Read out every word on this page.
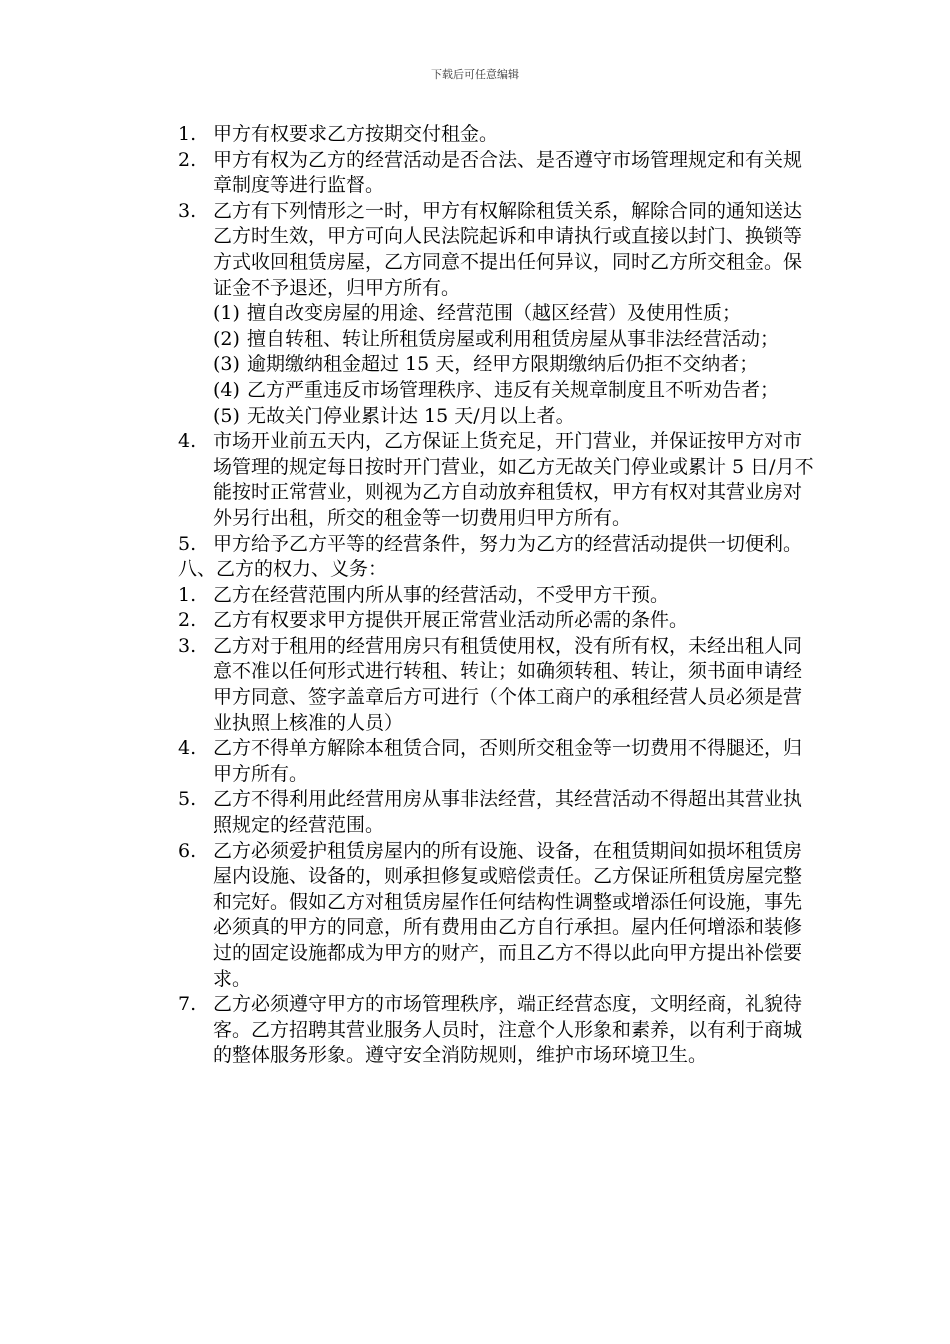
下载后可任意编辑
1. 甲方有权要求乙方按期交付租金。
2. 甲方有权为乙方的经营活动是否合法、是否遵守市场管理规定和有关规章制度等进行监督。
3. 乙方有下列情形之一时，甲方有权解除租赁关系，解除合同的通知送达乙方时生效，甲方可向人民法院起诉和申请执行或直接以封门、换锁等方式收回租赁房屋，乙方同意不提出任何异议，同时乙方所交租金。保证金不予退还，归甲方所有。
(1) 擅自改变房屋的用途、经营范围（越区经营）及使用性质；
(2) 擅自转租、转让所租赁房屋或利用租赁房屋从事非法经营活动；
(3) 逾期缴纳租金超过 15 天，经甲方限期缴纳后仍拒不交纳者；
(4) 乙方严重违反市场管理秩序、违反有关规章制度且不听劝告者；
(5) 无故关门停业累计达 15 天/月以上者。
4. 市场开业前五天内，乙方保证上货充足，开门营业，并保证按甲方对市场管理的规定每日按时开门营业，如乙方无故关门停业或累计 5 日/月不能按时正常营业，则视为乙方自动放弃租赁权，甲方有权对其营业房对外另行出租，所交的租金等一切费用归甲方所有。
5. 甲方给予乙方平等的经营条件，努力为乙方的经营活动提供一切便利。
八、乙方的权力、义务：
1. 乙方在经营范围内所从事的经营活动，不受甲方干预。
2. 乙方有权要求甲方提供开展正常营业活动所必需的条件。
3. 乙方对于租用的经营用房只有租赁使用权，没有所有权，未经出租人同意不准以任何形式进行转租、转让；如确须转租、转让，须书面申请经甲方同意、签字盖章后方可进行（个体工商户的承租经营人员必须是营业执照上核准的人员）
4. 乙方不得单方解除本租赁合同，否则所交租金等一切费用不得腿还，归甲方所有。
5. 乙方不得利用此经营用房从事非法经营，其经营活动不得超出其营业执照规定的经营范围。
6. 乙方必须爱护租赁房屋内的所有设施、设备，在租赁期间如损坏租赁房屋内设施、设备的，则承担修复或赔偿责任。乙方保证所租赁房屋完整和完好。假如乙方对租赁房屋作任何结构性调整或增添任何设施，事先必须真的甲方的同意，所有费用由乙方自行承担。屋内任何增添和装修过的固定设施都成为甲方的财产，而且乙方不得以此向甲方提出补偿要求。
7. 乙方必须遵守甲方的市场管理秩序，端正经营态度，文明经商，礼貌待客。乙方招聘其营业服务人员时，注意个人形象和素养，以有利于商城的整体服务形象。遵守安全消防规则，维护市场环境卫生。
